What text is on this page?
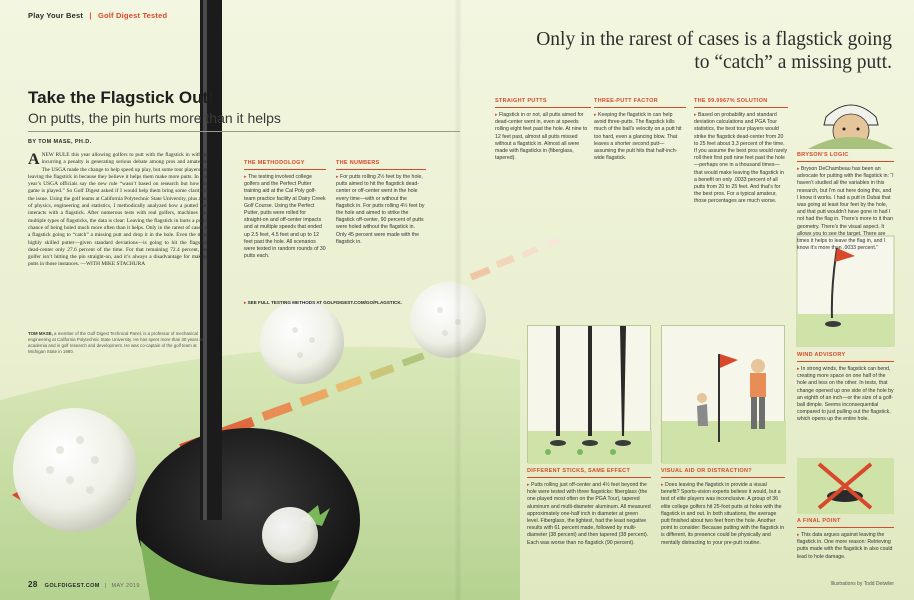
Play Your Best | Golf Digest Tested
Only in the rarest of cases is a flagstick going to “catch” a missing putt.
Take the Flagstick Out!
On putts, the pin hurts more than it helps
BY TOM MASE, PH.D.
A NEW RULE this year allowing golfers to putt with the flagstick in without incurring a penalty is generating serious debate among pros and amateurs. The USGA made the change to help speed up play, but some tour players are leaving the flagstick in because they believe it helps them make more putts. In this year’s USGA officials say the new rule “wasn’t based on research but how the game is played.” So Golf Digest asked if I would help them bring some clarity to the issue. Using the golf teams at California Polytechnic State University, plus a lot of physics, engineering and statistics, I methodically analyzed how a putted ball interacts with a flagstick. After numerous tests with real golfers, machines and multiple types of flagsticks, the data is clear: Leaving the flagstick in hurts a putt’s chance of being holed much more often than it helps. Only in the rarest of cases is a flagstick going to “catch” a missing putt and drop it in the hole. Even the most highly skilled putter—given standard deviations—is going to hit the flagstick dead-center only 27.6 percent of the time. For that remaining 72.4 percent, the golfer isn’t hitting the pin straight-on, and it’s always a disadvantage for making putts in those instances. —WITH MIKE STACHURA
TOM MASE, a member of the Golf Digest Technical Panel, is a professor of mechanical engineering at California Polytechnic State University. He has spent more than 30 years in academia and in golf research and development. He was co-captain of the golf team at Michigan State in 1980.
THE METHODOLOGY

▸ The testing involved college golfers and the Perfect Putter training aid at the Cal Poly golf-team practice facility at Dairy Creek Golf Course. Using the Perfect Putter, putts were rolled for straight-on and off-center impacts and at multiple speeds that ended up 2.5 feet, 4.5 feet and up to 12 feet past the hole. All scenarios were tested in random rounds of 30 putts each.

THE NUMBERS

▸ For putts rolling 2½ feet by the hole, putts aimed to hit the flagstick dead-center or off-center went in the hole every time—with or without the flagstick in. For putts rolling 4½ feet by the hole and aimed to strike the flagstick off-center, 90 percent of putts were holed without the flagstick in. Only 45 percent were made with the flagstick in.

▸ SEE FULL TESTING METHODS AT GOLFDIGEST.COM/GO/FLAGSTICK.
STRAIGHT PUTTS

▸ Flagstick in or not, all putts aimed for dead-center went in, even at speeds rolling eight feet past the hole. At nine to 12 feet past, almost all putts missed without a flagstick in. Almost all were made with flagsticks in (fiberglass, tapered).

THREE-PUTT FACTOR

▸ Keeping the flagstick in can help avoid three-putts. The flagstick kills much of the ball’s velocity on a putt hit too hard, even a glancing blow. That leaves a shorter second putt—assuming the putt hits that half-inch-wide flagstick.

THE 99.9967% SOLUTION

▸ Based on probability and standard deviation calculations and PGA Tour statistics, the best tour players would strike the flagstick dead-center from 20 to 25 feet about 3.3 percent of the time. If you assume the best pros would rarely roll their first putt nine feet past the hole—perhaps one in a thousand times—that would make leaving the flagstick in a benefit on only .0033 percent of all putts from 20 to 25 feet. And that’s for the best pros. For a typical amateur, those percentages are much worse.

BRYSON’S LOGIC

▸ Bryson DeChambeau has been an advocate for putting with the flagstick in: “I haven’t studied all the variables in this research, but I’m out here doing this, and I know it works. I had a putt in Dubai that was going at least four feet by the hole, and that putt wouldn’t have gone in had I not had the flag in. There’s more to it than geometry. There’s the visual aspect. It allows you to see the target. There are times it helps to leave the flag in, and I know it’s more than .0033 percent.”

WIND ADVISORY

▸ In strong winds, the flagstick can bend, creating more space on one half of the hole and less on the other. In tests, that change opened up one side of the hole by an eighth of an inch—or the size of a golf-ball dimple. Seems inconsequential compared to just pulling out the flagstick, which opens up the entire hole.

A FINAL POINT

▸ This data argues against leaving the flagstick in. One more reason: Retrieving putts made with the flagstick in also could lead to hole damage.

DIFFERENT STICKS, SAME EFFECT

▸ Putts rolling just off-center and 4½ feet beyond the hole were tested with three flagsticks: fiberglass (the one played most often on the PGA Tour), tapered aluminum and multi-diameter aluminum. All measured approximately one-half inch in diameter at green level. Fiberglass, the lightest, had the least negative results with 61 percent made, followed by multi-diameter (38 percent) and then tapered (38 percent). Each was worse than no flagstick (90 percent).

VISUAL AID OR DISTRACTION?

▸ Does leaving the flagstick in provide a visual benefit? Sports-vision experts believe it would, but a test of elite players was inconclusive. A group of 36 elite college golfers hit 25-foot putts at holes with the flagstick in and out. In both situations, the average putt finished about two feet from the hole. Another point to consider: Because putting with the flagstick in is different, its presence could be physically and mentally distracting to your pre-putt routine.

28 GOLFDIGEST.COM | MAY 2019	Illustrations by Todd Detwiler
